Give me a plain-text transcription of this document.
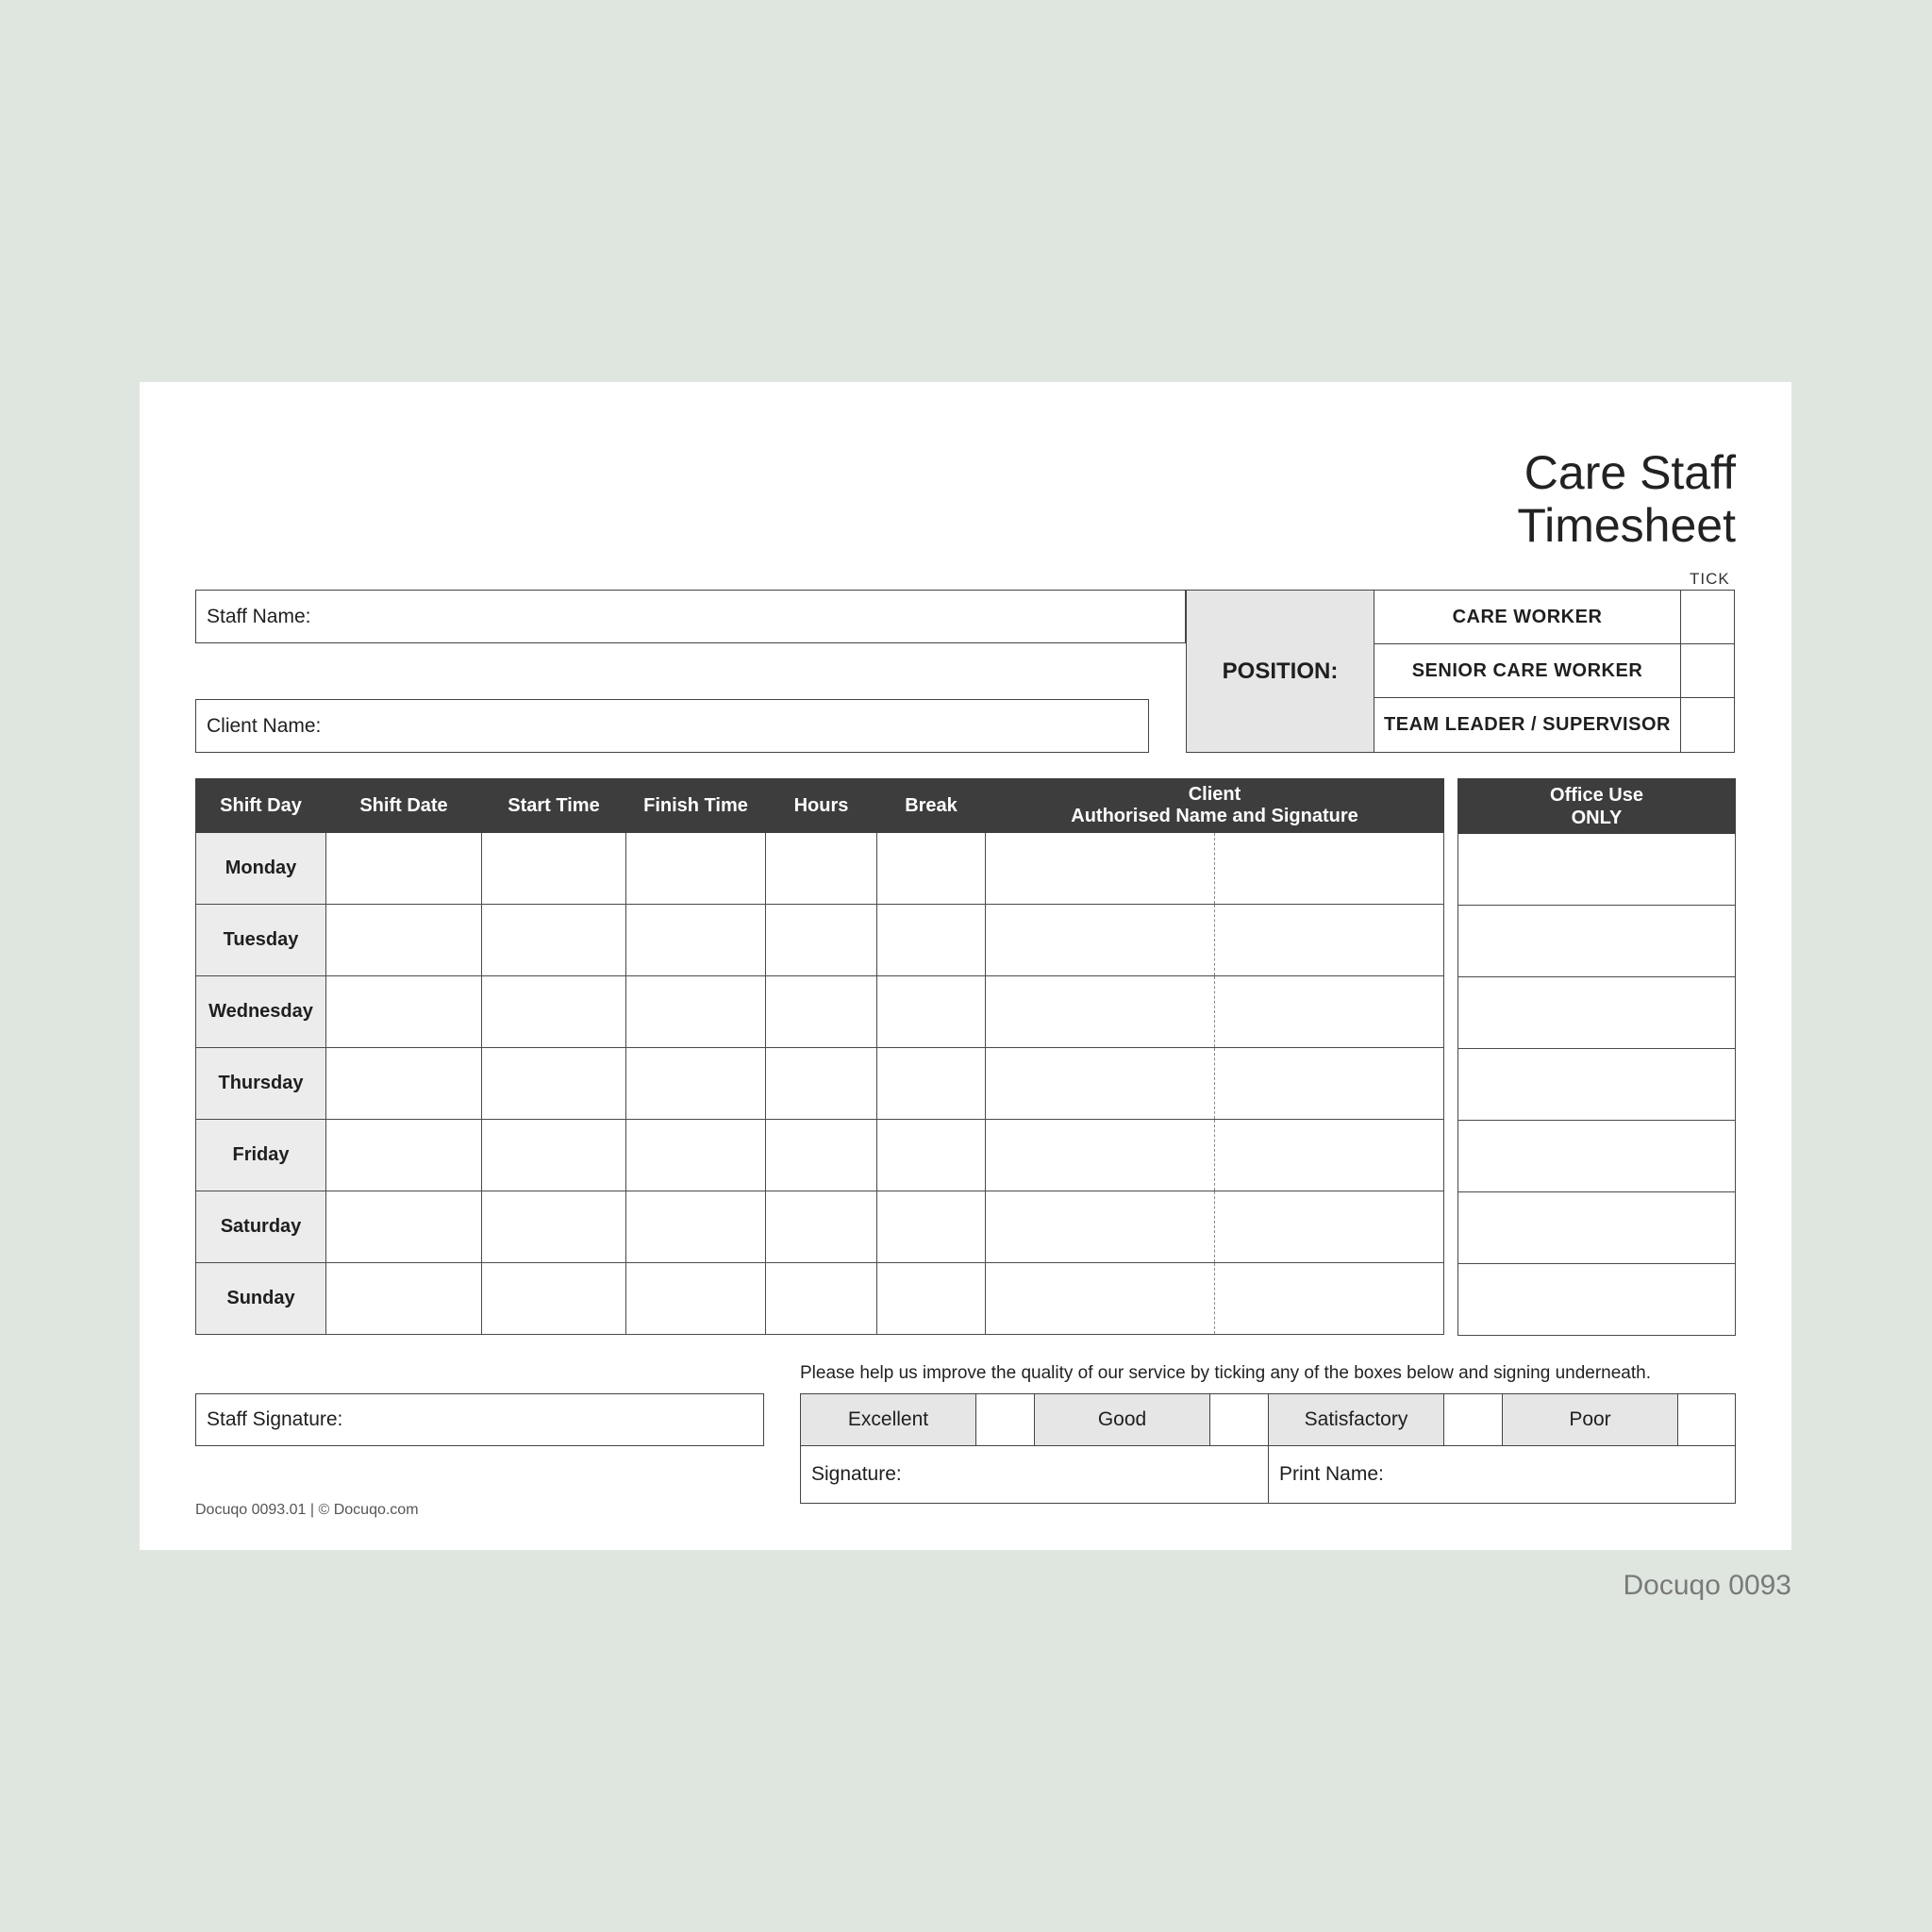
Care Staff
Timesheet
TICK
Staff Name:
Client Name:
POSITION:
CARE WORKER
SENIOR CARE WORKER
TEAM LEADER / SUPERVISOR
Shift Day	Shift Date	Start Time	Finish Time	Hours	Break	Client
Authorised Name and Signature	

Monday							
Tuesday							
Wednesday							
Thursday							
Friday							
Saturday							
Sunday							
Office Use
ONLY

Staff Signature:
Please help us improve the quality of our service by ticking any of the boxes below and signing underneath.
Excellent		Good		Satisfactory		Poor	
Signature:				Print Name:			
Docuqo 0093.01 | © Docuqo.com
Docuqo 0093
